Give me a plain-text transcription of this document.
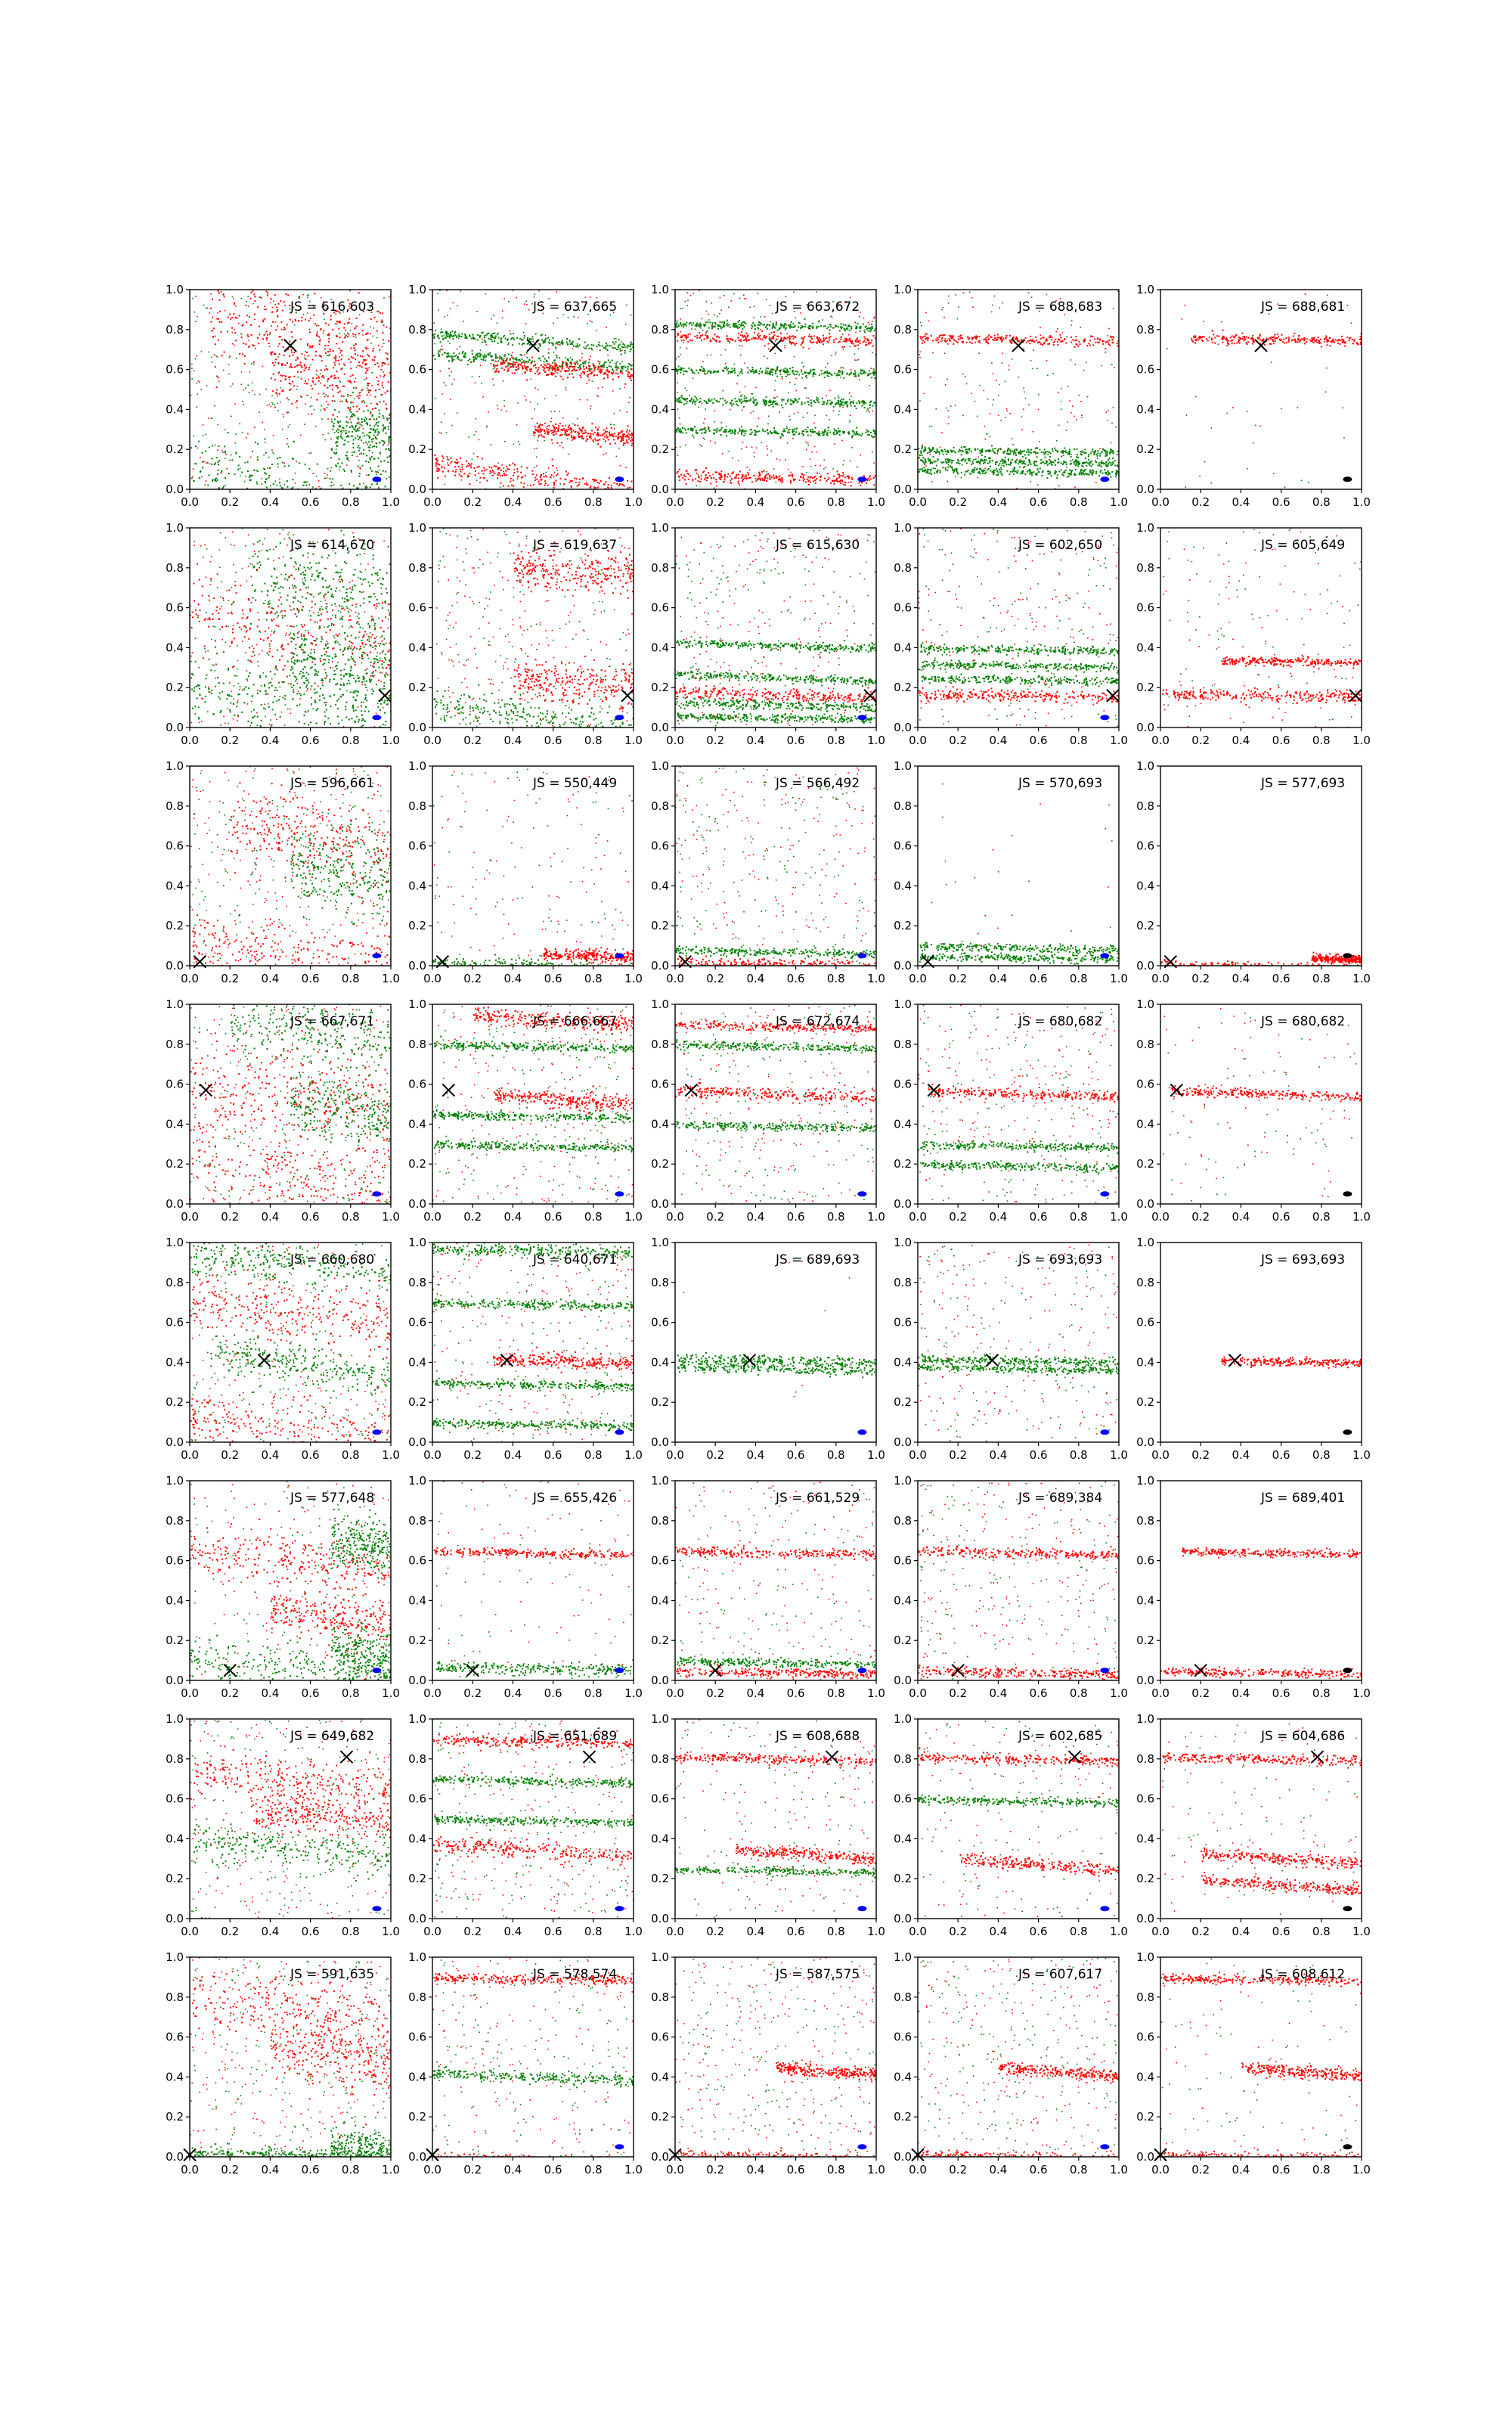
JS = 616,603
0.0 0.2 0.4 0.6 0.8 1.0
0.0
0.2
0.4
0.6
0.8
1.0
JS = 637,665
0.0 0.2 0.4 0.6 0.8 1.0
0.0
0.2
0.4
0.6
0.8
1.0
JS = 663,672
0.0 0.2 0.4 0.6 0.8 1.0
0.0
0.2
0.4
0.6
0.8
1.0
JS = 688,683
0.0 0.2 0.4 0.6 0.8 1.0
0.0
0.2
0.4
0.6
0.8
1.0
JS = 688,681
0.0 0.2 0.4 0.6 0.8 1.0
0.0
0.2
0.4
0.6
0.8
1.0
JS = 614,670
0.0 0.2 0.4 0.6 0.8 1.0
0.0
0.2
0.4
0.6
0.8
1.0
JS = 619,637
0.0 0.2 0.4 0.6 0.8 1.0
0.0
0.2
0.4
0.6
0.8
1.0
JS = 615,630
0.0 0.2 0.4 0.6 0.8 1.0
0.0
0.2
0.4
0.6
0.8
1.0
JS = 602,650
0.0 0.2 0.4 0.6 0.8 1.0
0.0
0.2
0.4
0.6
0.8
1.0
JS = 605,649
0.0 0.2 0.4 0.6 0.8 1.0
0.0
0.2
0.4
0.6
0.8
1.0
JS = 596,661
0.0 0.2 0.4 0.6 0.8 1.0
0.0
0.2
0.4
0.6
0.8
1.0
JS = 550,449
0.0 0.2 0.4 0.6 0.8 1.0
0.0
0.2
0.4
0.6
0.8
1.0
JS = 566,492
0.0 0.2 0.4 0.6 0.8 1.0
0.0
0.2
0.4
0.6
0.8
1.0
JS = 570,693
0.0 0.2 0.4 0.6 0.8 1.0
0.0
0.2
0.4
0.6
0.8
1.0
JS = 577,693
0.0 0.2 0.4 0.6 0.8 1.0
0.0
0.2
0.4
0.6
0.8
1.0
JS = 667,671
0.0 0.2 0.4 0.6 0.8 1.0
0.0
0.2
0.4
0.6
0.8
1.0
JS = 666,667
0.0 0.2 0.4 0.6 0.8 1.0
0.0
0.2
0.4
0.6
0.8
1.0
JS = 672,674
0.0 0.2 0.4 0.6 0.8 1.0
0.0
0.2
0.4
0.6
0.8
1.0
JS = 680,682
0.0 0.2 0.4 0.6 0.8 1.0
0.0
0.2
0.4
0.6
0.8
1.0
JS = 680,682
0.0 0.2 0.4 0.6 0.8 1.0
0.0
0.2
0.4
0.6
0.8
1.0
JS = 660,680
0.0 0.2 0.4 0.6 0.8 1.0
0.0
0.2
0.4
0.6
0.8
1.0
JS = 640,671
0.0 0.2 0.4 0.6 0.8 1.0
0.0
0.2
0.4
0.6
0.8
1.0
JS = 689,693
0.0 0.2 0.4 0.6 0.8 1.0
0.0
0.2
0.4
0.6
0.8
1.0
JS = 693,693
0.0 0.2 0.4 0.6 0.8 1.0
0.0
0.2
0.4
0.6
0.8
1.0
JS = 693,693
0.0 0.2 0.4 0.6 0.8 1.0
0.0
0.2
0.4
0.6
0.8
1.0
JS = 577,648
0.0 0.2 0.4 0.6 0.8 1.0
0.0
0.2
0.4
0.6
0.8
1.0
JS = 655,426
0.0 0.2 0.4 0.6 0.8 1.0
0.0
0.2
0.4
0.6
0.8
1.0
JS = 661,529
0.0 0.2 0.4 0.6 0.8 1.0
0.0
0.2
0.4
0.6
0.8
1.0
JS = 689,384
0.0 0.2 0.4 0.6 0.8 1.0
0.0
0.2
0.4
0.6
0.8
1.0
JS = 689,401
0.0 0.2 0.4 0.6 0.8 1.0
0.0
0.2
0.4
0.6
0.8
1.0
JS = 649,682
0.0 0.2 0.4 0.6 0.8 1.0
0.0
0.2
0.4
0.6
0.8
1.0
JS = 651,689
0.0 0.2 0.4 0.6 0.8 1.0
0.0
0.2
0.4
0.6
0.8
1.0
JS = 608,688
0.0 0.2 0.4 0.6 0.8 1.0
0.0
0.2
0.4
0.6
0.8
1.0
JS = 602,685
0.0 0.2 0.4 0.6 0.8 1.0
0.0
0.2
0.4
0.6
0.8
1.0
JS = 604,686
0.0 0.2 0.4 0.6 0.8 1.0
0.0
0.2
0.4
0.6
0.8
1.0
JS = 591,635
0.0 0.2 0.4 0.6 0.8 1.0
0.0
0.2
0.4
0.6
0.8
1.0
JS = 578,574
0.0 0.2 0.4 0.6 0.8 1.0
0.0
0.2
0.4
0.6
0.8
1.0
JS = 587,575
0.0 0.2 0.4 0.6 0.8 1.0
0.0
0.2
0.4
0.6
0.8
1.0
JS = 607,617
0.0 0.2 0.4 0.6 0.8 1.0
0.0
0.2
0.4
0.6
0.8
1.0
JS = 608,612
0.0 0.2 0.4 0.6 0.8 1.0
0.0
0.2
0.4
0.6
0.8
1.0
